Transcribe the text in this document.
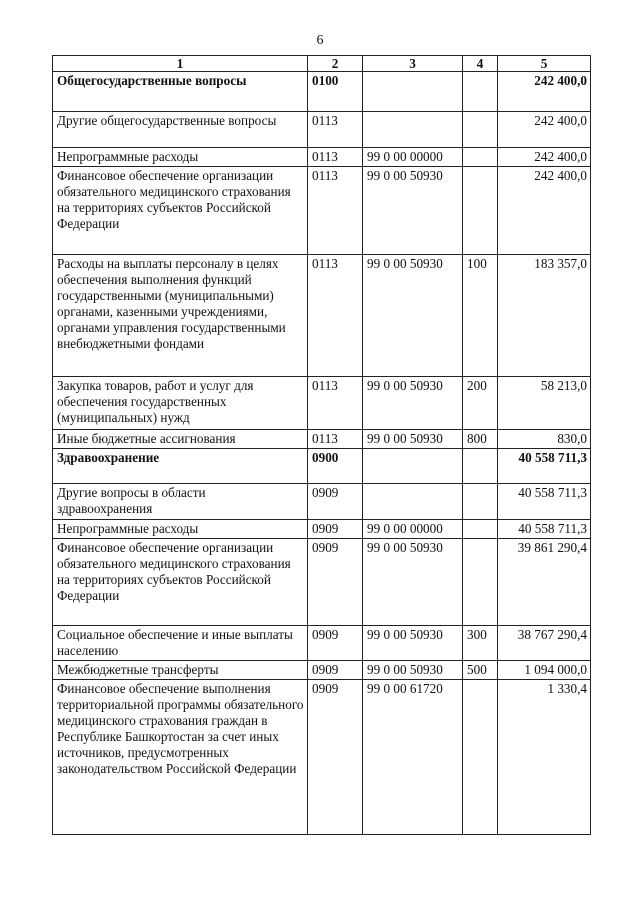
6
1	2	3	4	5
Общегосударственные вопросы	0100			242 400,0
Другие общегосударственные вопросы	0113			242 400,0
Непрограммные расходы	0113	99 0 00 00000		242 400,0
Финансовое обеспечение организации обязательного медицинского страхования на территориях субъектов Российской Федерации	0113	99 0 00 50930		242 400,0
Расходы на выплаты персоналу в целях обеспечения выполнения функций государственными (муниципальными) органами, казенными учреждениями, органами управления государственными внебюджетными фондами	0113	99 0 00 50930	100	183 357,0
Закупка товаров, работ и услуг для обеспечения государственных (муниципальных) нужд	0113	99 0 00 50930	200	58 213,0
Иные бюджетные ассигнования	0113	99 0 00 50930	800	830,0
Здравоохранение	0900			40 558 711,3
Другие вопросы в области здравоохранения	0909			40 558 711,3
Непрограммные расходы	0909	99 0 00 00000		40 558 711,3
Финансовое обеспечение организации обязательного медицинского страхования на территориях субъектов Российской Федерации	0909	99 0 00 50930		39 861 290,4
Социальное обеспечение и иные выплаты населению	0909	99 0 00 50930	300	38 767 290,4
Межбюджетные трансферты	0909	99 0 00 50930	500	1 094 000,0
Финансовое обеспечение выполнения территориальной программы обязательного медицинского страхования граждан в Республике Башкортостан за счет иных источников, предусмотренных законодательством Российской Федерации	0909	99 0 00 61720		1 330,4
